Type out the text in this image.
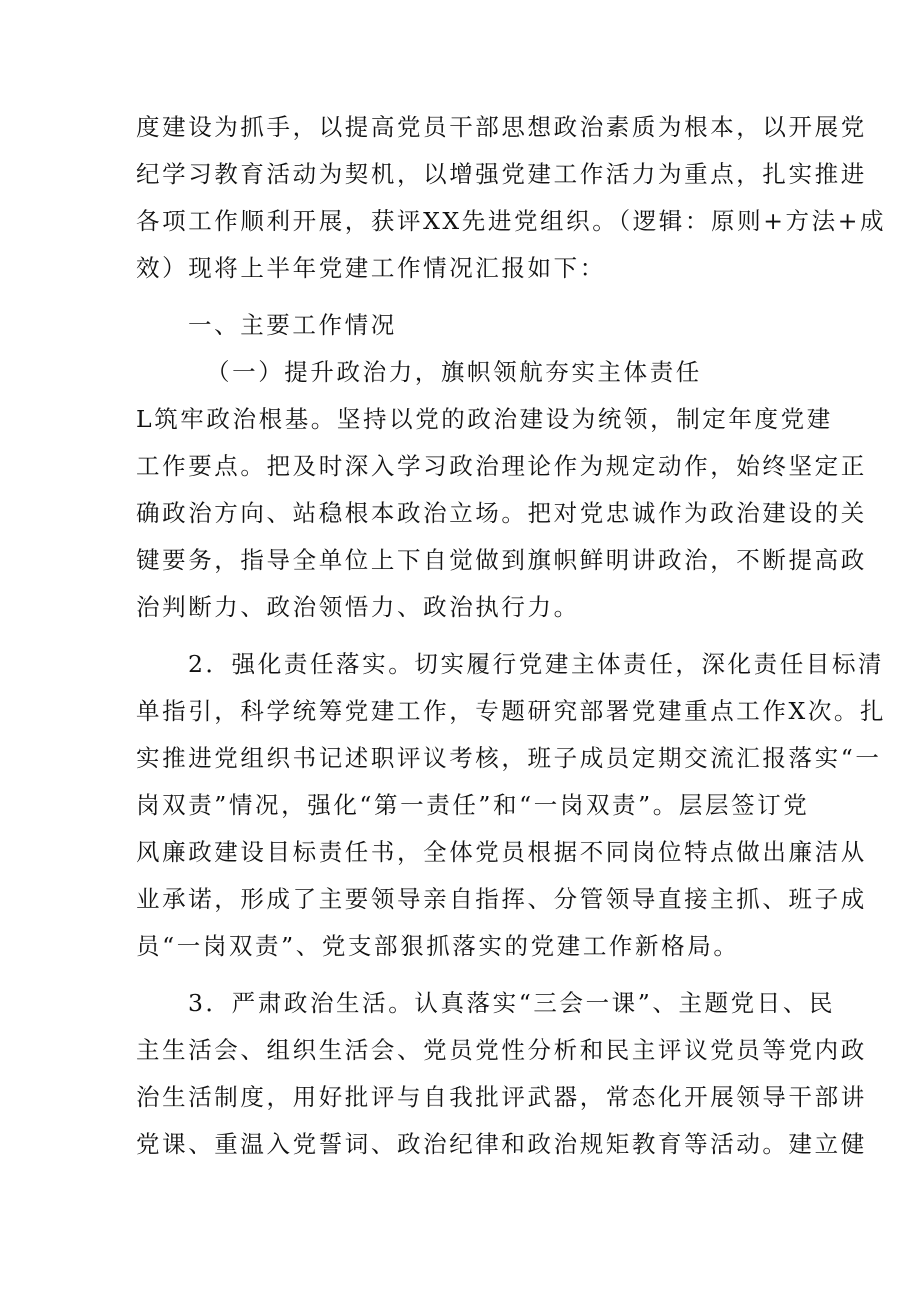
度建设为抓手，以提高党员干部思想政治素质为根本，以开展党
纪学习教育活动为契机，以增强党建工作活力为重点，扎实推进
各项工作顺利开展，获评XX先进党组织。（逻辑：原则+方法+成
效）现将上半年党建工作情况汇报如下：
一、主要工作情况
（一）提升政治力，旗帜领航夯实主体责任
L筑牢政治根基。坚持以党的政治建设为统领，制定年度党建
工作要点。把及时深入学习政治理论作为规定动作，始终坚定正
确政治方向、站稳根本政治立场。把对党忠诚作为政治建设的关
键要务，指导全单位上下自觉做到旗帜鲜明讲政治，不断提高政
治判断力、政治领悟力、政治执行力。
2．强化责任落实。切实履行党建主体责任，深化责任目标清
单指引，科学统筹党建工作，专题研究部署党建重点工作X次。扎
实推进党组织书记述职评议考核，班子成员定期交流汇报落实“一
岗双责”情况，强化“第一责任”和“一岗双责”。层层签订党
风廉政建设目标责任书，全体党员根据不同岗位特点做出廉洁从
业承诺，形成了主要领导亲自指挥、分管领导直接主抓、班子成
员“一岗双责”、党支部狠抓落实的党建工作新格局。
3．严肃政治生活。认真落实“三会一课”、主题党日、民
主生活会、组织生活会、党员党性分析和民主评议党员等党内政
治生活制度，用好批评与自我批评武器，常态化开展领导干部讲
党课、重温入党誓词、政治纪律和政治规矩教育等活动。建立健
